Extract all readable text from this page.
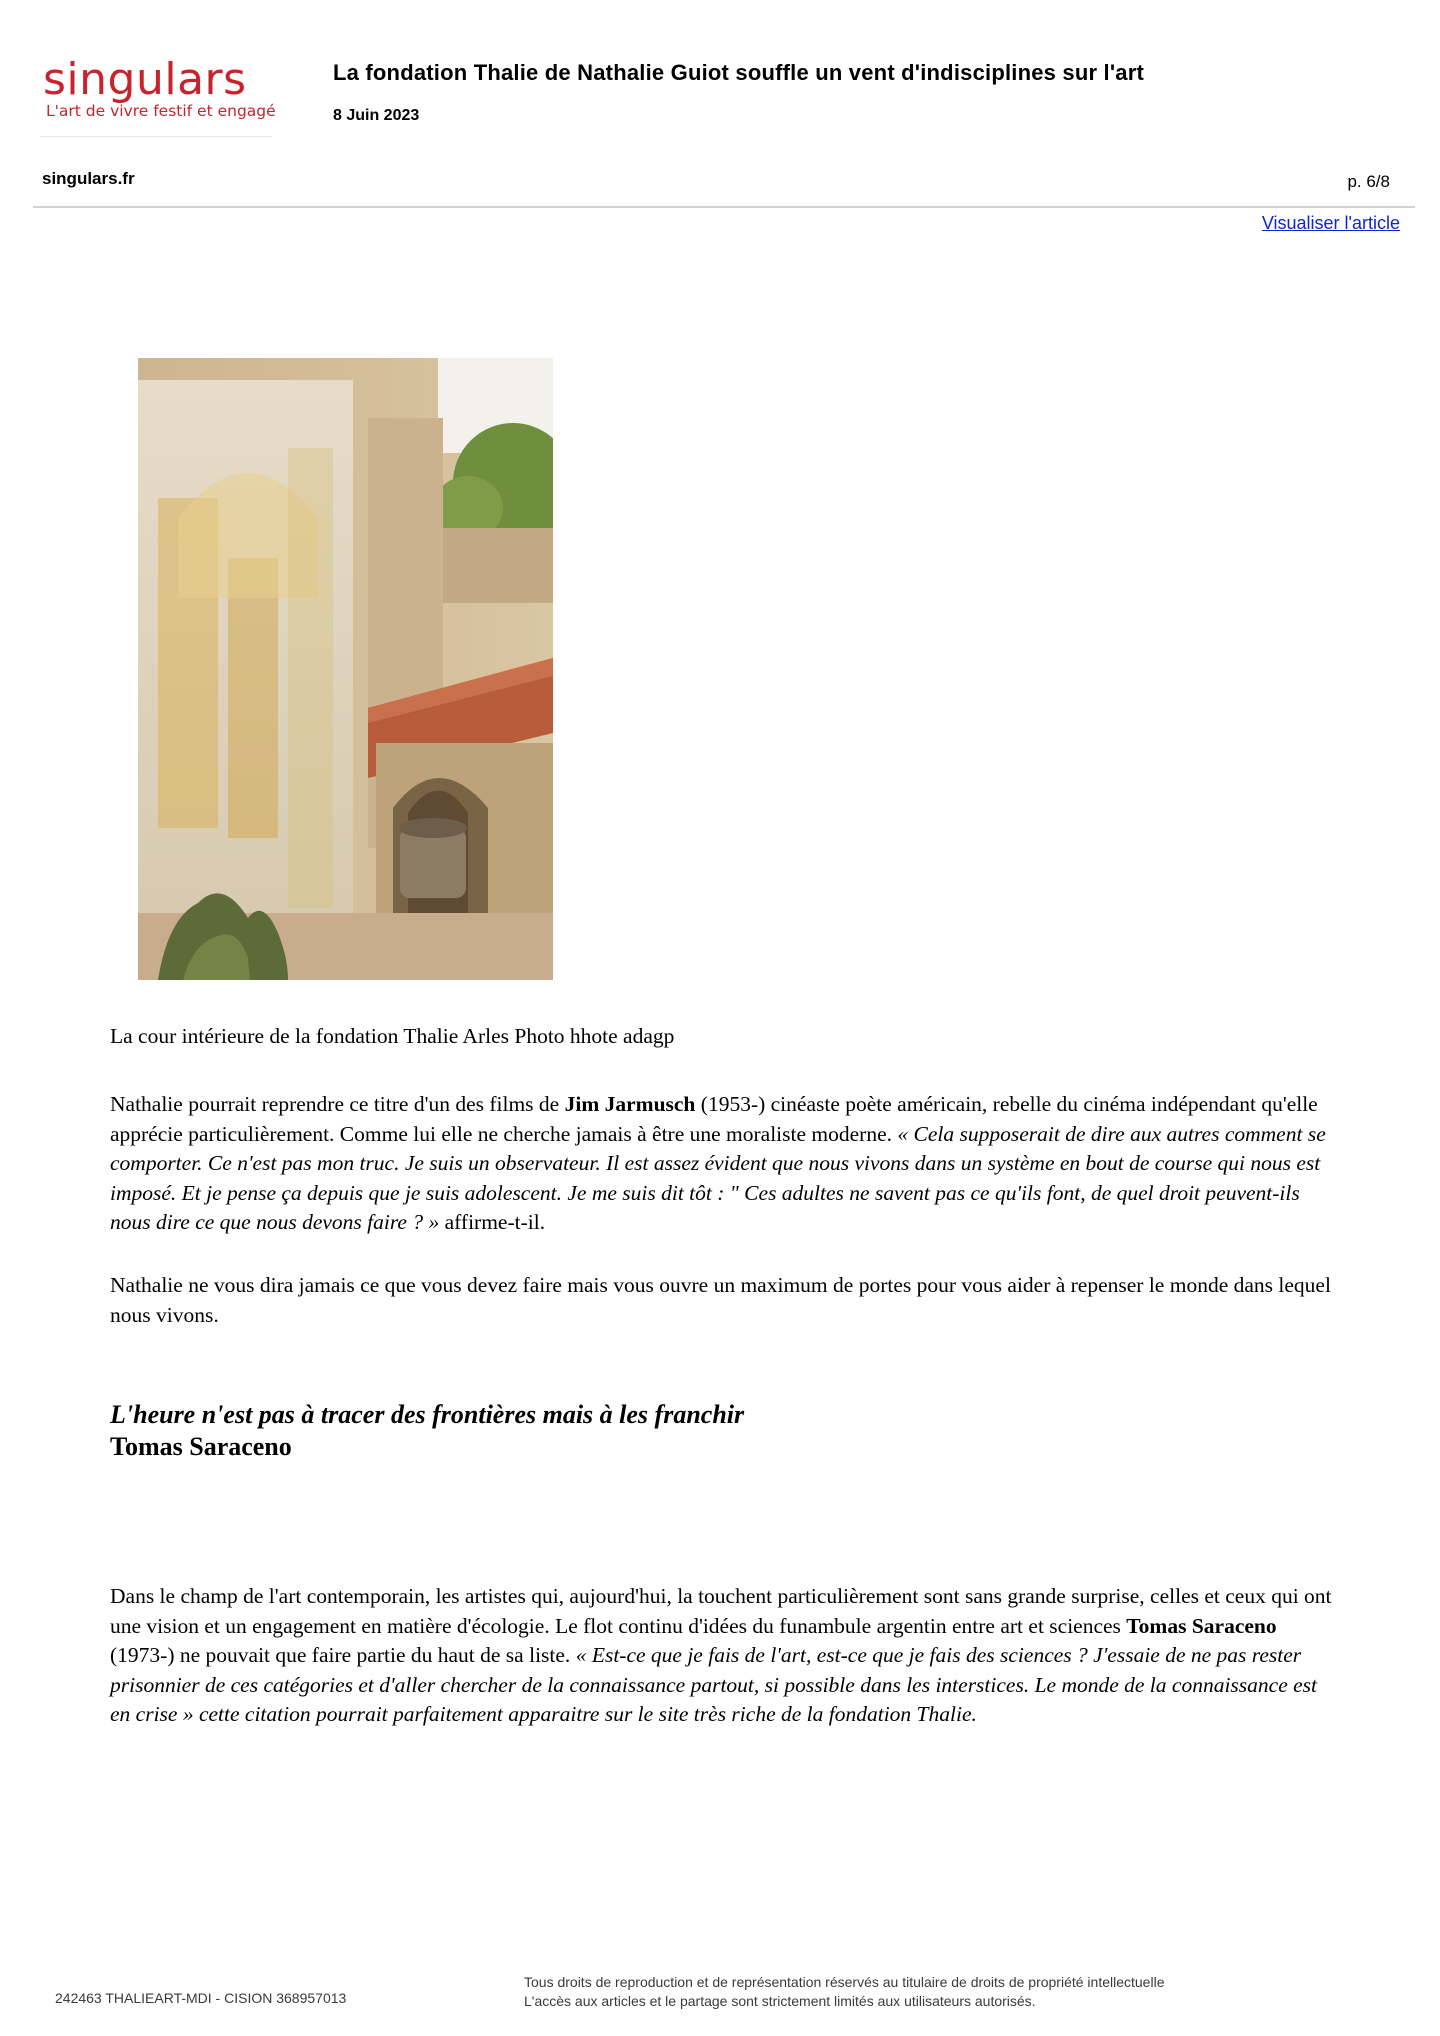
singulars
L'art de vivre festif et engagé
La fondation Thalie de Nathalie Guiot souffle un vent d'indisciplines sur l'art
8 Juin 2023
singulars.fr	p. 6/8
Visualiser l'article
La cour intérieure de la fondation Thalie Arles Photo hhote adagp

Nathalie pourrait reprendre ce titre d'un des films de Jim Jarmusch (1953-) cinéaste poète américain, rebelle du cinéma indépendant qu'elle apprécie particulièrement. Comme lui elle ne cherche jamais à être une moraliste moderne. « Cela supposerait de dire aux autres comment se comporter. Ce n'est pas mon truc. Je suis un observateur. Il est assez évident que nous vivons dans un système en bout de course qui nous est imposé. Et je pense ça depuis que je suis adolescent. Je me suis dit tôt : " Ces adultes ne savent pas ce qu'ils font, de quel droit peuvent-ils nous dire ce que nous devons faire ? » affirme-t-il.

Nathalie ne vous dira jamais ce que vous devez faire mais vous ouvre un maximum de portes pour vous aider à repenser le monde dans lequel nous vivons.

L'heure n'est pas à tracer des frontières mais à les franchir
Tomas Saraceno

Dans le champ de l'art contemporain, les artistes qui, aujourd'hui, la touchent particulièrement sont sans grande surprise, celles et ceux qui ont une vision et un engagement en matière d'écologie. Le flot continu d'idées du funambule argentin entre art et sciences Tomas Saraceno (1973-) ne pouvait que faire partie du haut de sa liste. « Est-ce que je fais de l'art, est-ce que je fais des sciences ? J'essaie de ne pas rester prisonnier de ces catégories et d'aller chercher de la connaissance partout, si possible dans les interstices. Le monde de la connaissance est en crise » cette citation pourrait parfaitement apparaitre sur le site très riche de la fondation Thalie.

242463 THALIEART-MDI - CISION 368957013
Tous droits de reproduction et de représentation réservés au titulaire de droits de propriété intellectuelle
L'accès aux articles et le partage sont strictement limités aux utilisateurs autorisés.
